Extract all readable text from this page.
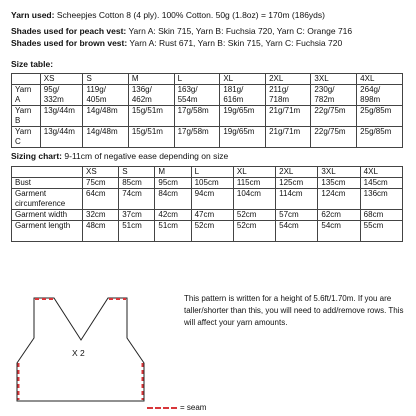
Yarn used: Scheepjes Cotton 8 (4 ply). 100% Cotton. 50g (1.8oz) = 170m (186yds)
Shades used for peach vest: Yarn A: Skin 715, Yarn B: Fuchsia 720, Yarn C: Orange 716
Shades used for brown vest: Yarn A: Rust 671, Yarn B: Skin 715, Yarn C: Fuchsia 720
Size table:
	XS	S	M	L	XL	2XL	3XL	4XL
Yarn A	95g/ 332m	119g/ 405m	136g/ 462m	163g/ 554m	181g/ 616m	211g/ 718m	230g/ 782m	264g/ 898m
Yarn B	13g/44m	14g/48m	15g/51m	17g/58m	19g/65m	21g/71m	22g/75m	25g/85m
Yarn C	13g/44m	14g/48m	15g/51m	17g/58m	19g/65m	21g/71m	22g/75m	25g/85m
Sizing chart: 9-11cm of negative ease depending on size
	XS	S	M	L	XL	2XL	3XL	4XL
Bust	75cm	85cm	95cm	105cm	115cm	125cm	135cm	145cm
Garment circumference	64cm	74cm	84cm	94cm	104cm	114cm	124cm	136cm
Garment width	32cm	37cm	42cm	47cm	52cm	57cm	62cm	68cm
Garment length	48cm	51cm	51cm	52cm	52cm	54cm	54cm	55cm
This pattern is written for a height of 5.6ft/1.70m. If you are taller/shorter than this, you will need to add/remove rows. This will affect your yarn amounts.
X 2
= seam
